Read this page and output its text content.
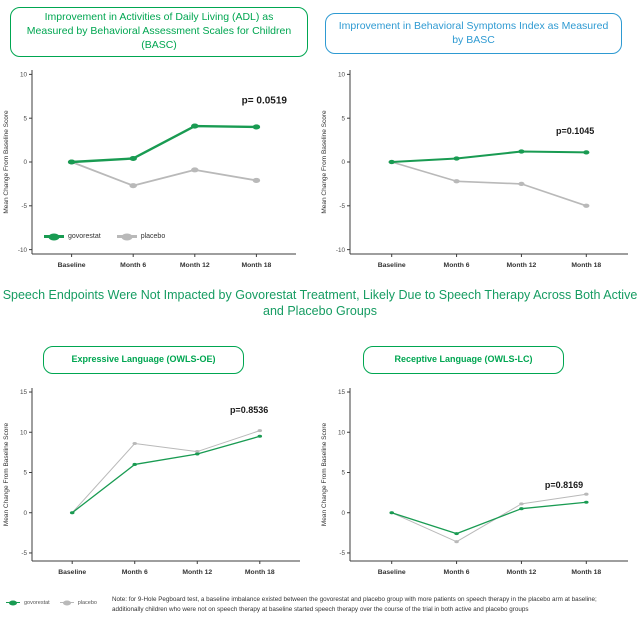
Improvement in Activities of Daily Living (ADL) as Measured by Behavioral Assessment Scales for Children (BASC)
Improvement in Behavioral Symptoms Index as Measured by BASC
p= 0.0519
govorestat	placebo
10
5
0
-5
-10
Baseline	Month 6	Month 12	Month 18
Mean Change From Baseline Score	p=0.1045
10
5
0
-5
-10
Baseline	Month 6	Month 12	Month 18
Mean Change From Baseline Score
Speech Endpoints Were Not Impacted by Govorestat Treatment, Likely Due to Speech Therapy Across Both Active and Placebo Groups
Expressive Language (OWLS-OE)	Receptive Language (OWLS-LC)
p=0.8536
15
10
5
0
-5
Baseline	Month 6	Month 12	Month 18
Mean Change From Baseline Score	p=0.8169
15
10
5
0
-5
Baseline	Month 6	Month 12	Month 18
Mean Change From Baseline Score
govorestat	placebo Note: for 9-Hole Pegboard test, a baseline imbalance existed between the govorestat and placebo group with more patients on speech therapy in the placebo arm at baseline;
additionally children who were not on speech therapy at baseline started speech therapy over the course of the trial in both active and placebo groups
